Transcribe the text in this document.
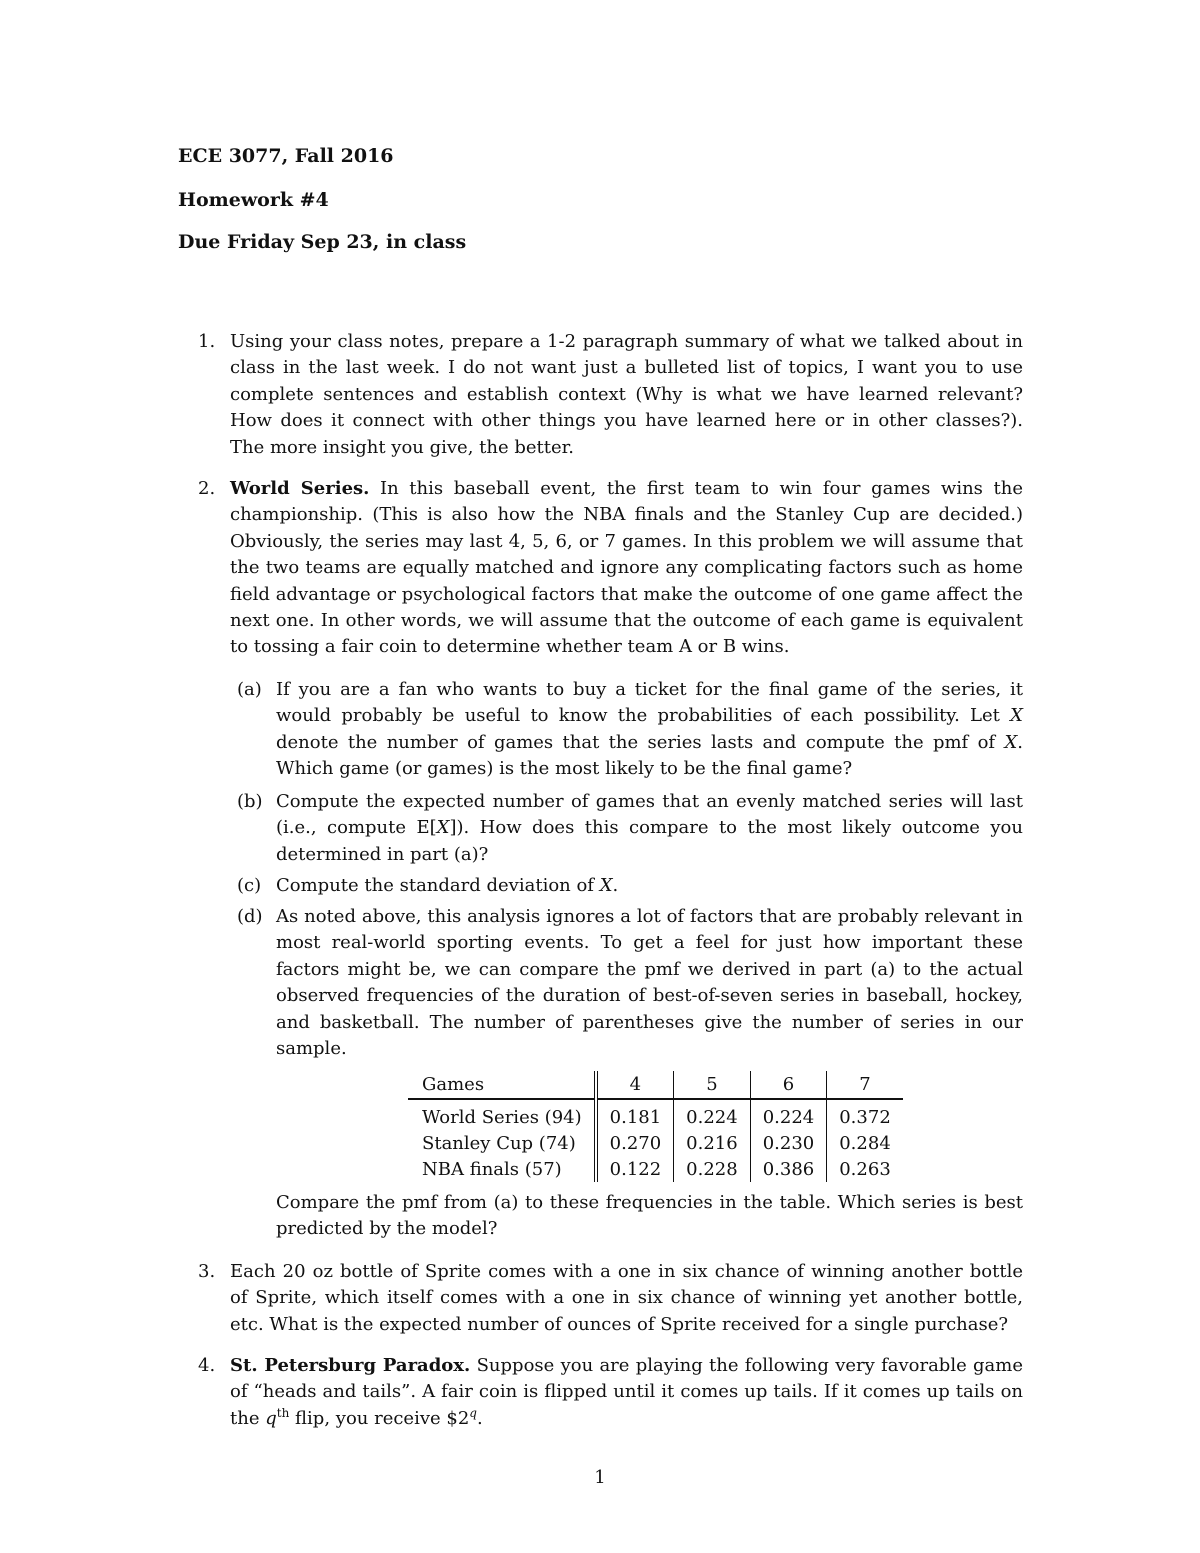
ECE 3077, Fall 2016
Homework #4
Due Friday Sep 23, in class
1. Using your class notes, prepare a 1-2 paragraph summary of what we talked about in class in the last week. I do not want just a bulleted list of topics, I want you to use complete sentences and establish context (Why is what we have learned relevant? How does it connect with other things you have learned here or in other classes?). The more insight you give, the better.
2. World Series. In this baseball event, the first team to win four games wins the championship. (This is also how the NBA finals and the Stanley Cup are decided.) Obviously, the series may last 4, 5, 6, or 7 games. In this problem we will assume that the two teams are equally matched and ignore any complicating factors such as home field advantage or psychological factors that make the outcome of one game affect the next one. In other words, we will assume that the outcome of each game is equivalent to tossing a fair coin to determine whether team A or B wins.
(a) If you are a fan who wants to buy a ticket for the final game of the series, it would probably be useful to know the probabilities of each possibility. Let X denote the number of games that the series lasts and compute the pmf of X. Which game (or games) is the most likely to be the final game?
(b) Compute the expected number of games that an evenly matched series will last (i.e., compute E[X]). How does this compare to the most likely outcome you determined in part (a)?
(c) Compute the standard deviation of X.
(d) As noted above, this analysis ignores a lot of factors that are probably relevant in most real-world sporting events. To get a feel for just how important these factors might be, we can compare the pmf we derived in part (a) to the actual observed frequencies of the duration of best-of-seven series in baseball, hockey, and basketball. The number of parentheses give the number of series in our sample.
Games	4	5	6	7
World Series (94)	0.181	0.224	0.224	0.372
Stanley Cup (74)	0.270	0.216	0.230	0.284
NBA finals (57)	0.122	0.228	0.386	0.263
Compare the pmf from (a) to these frequencies in the table. Which series is best predicted by the model?
3. Each 20 oz bottle of Sprite comes with a one in six chance of winning another bottle of Sprite, which itself comes with a one in six chance of winning yet another bottle, etc. What is the expected number of ounces of Sprite received for a single purchase?
4. St. Petersburg Paradox. Suppose you are playing the following very favorable game of “heads and tails”. A fair coin is flipped until it comes up tails. If it comes up tails on the $q^{th}$ flip, you receive $2$^q$.
1
